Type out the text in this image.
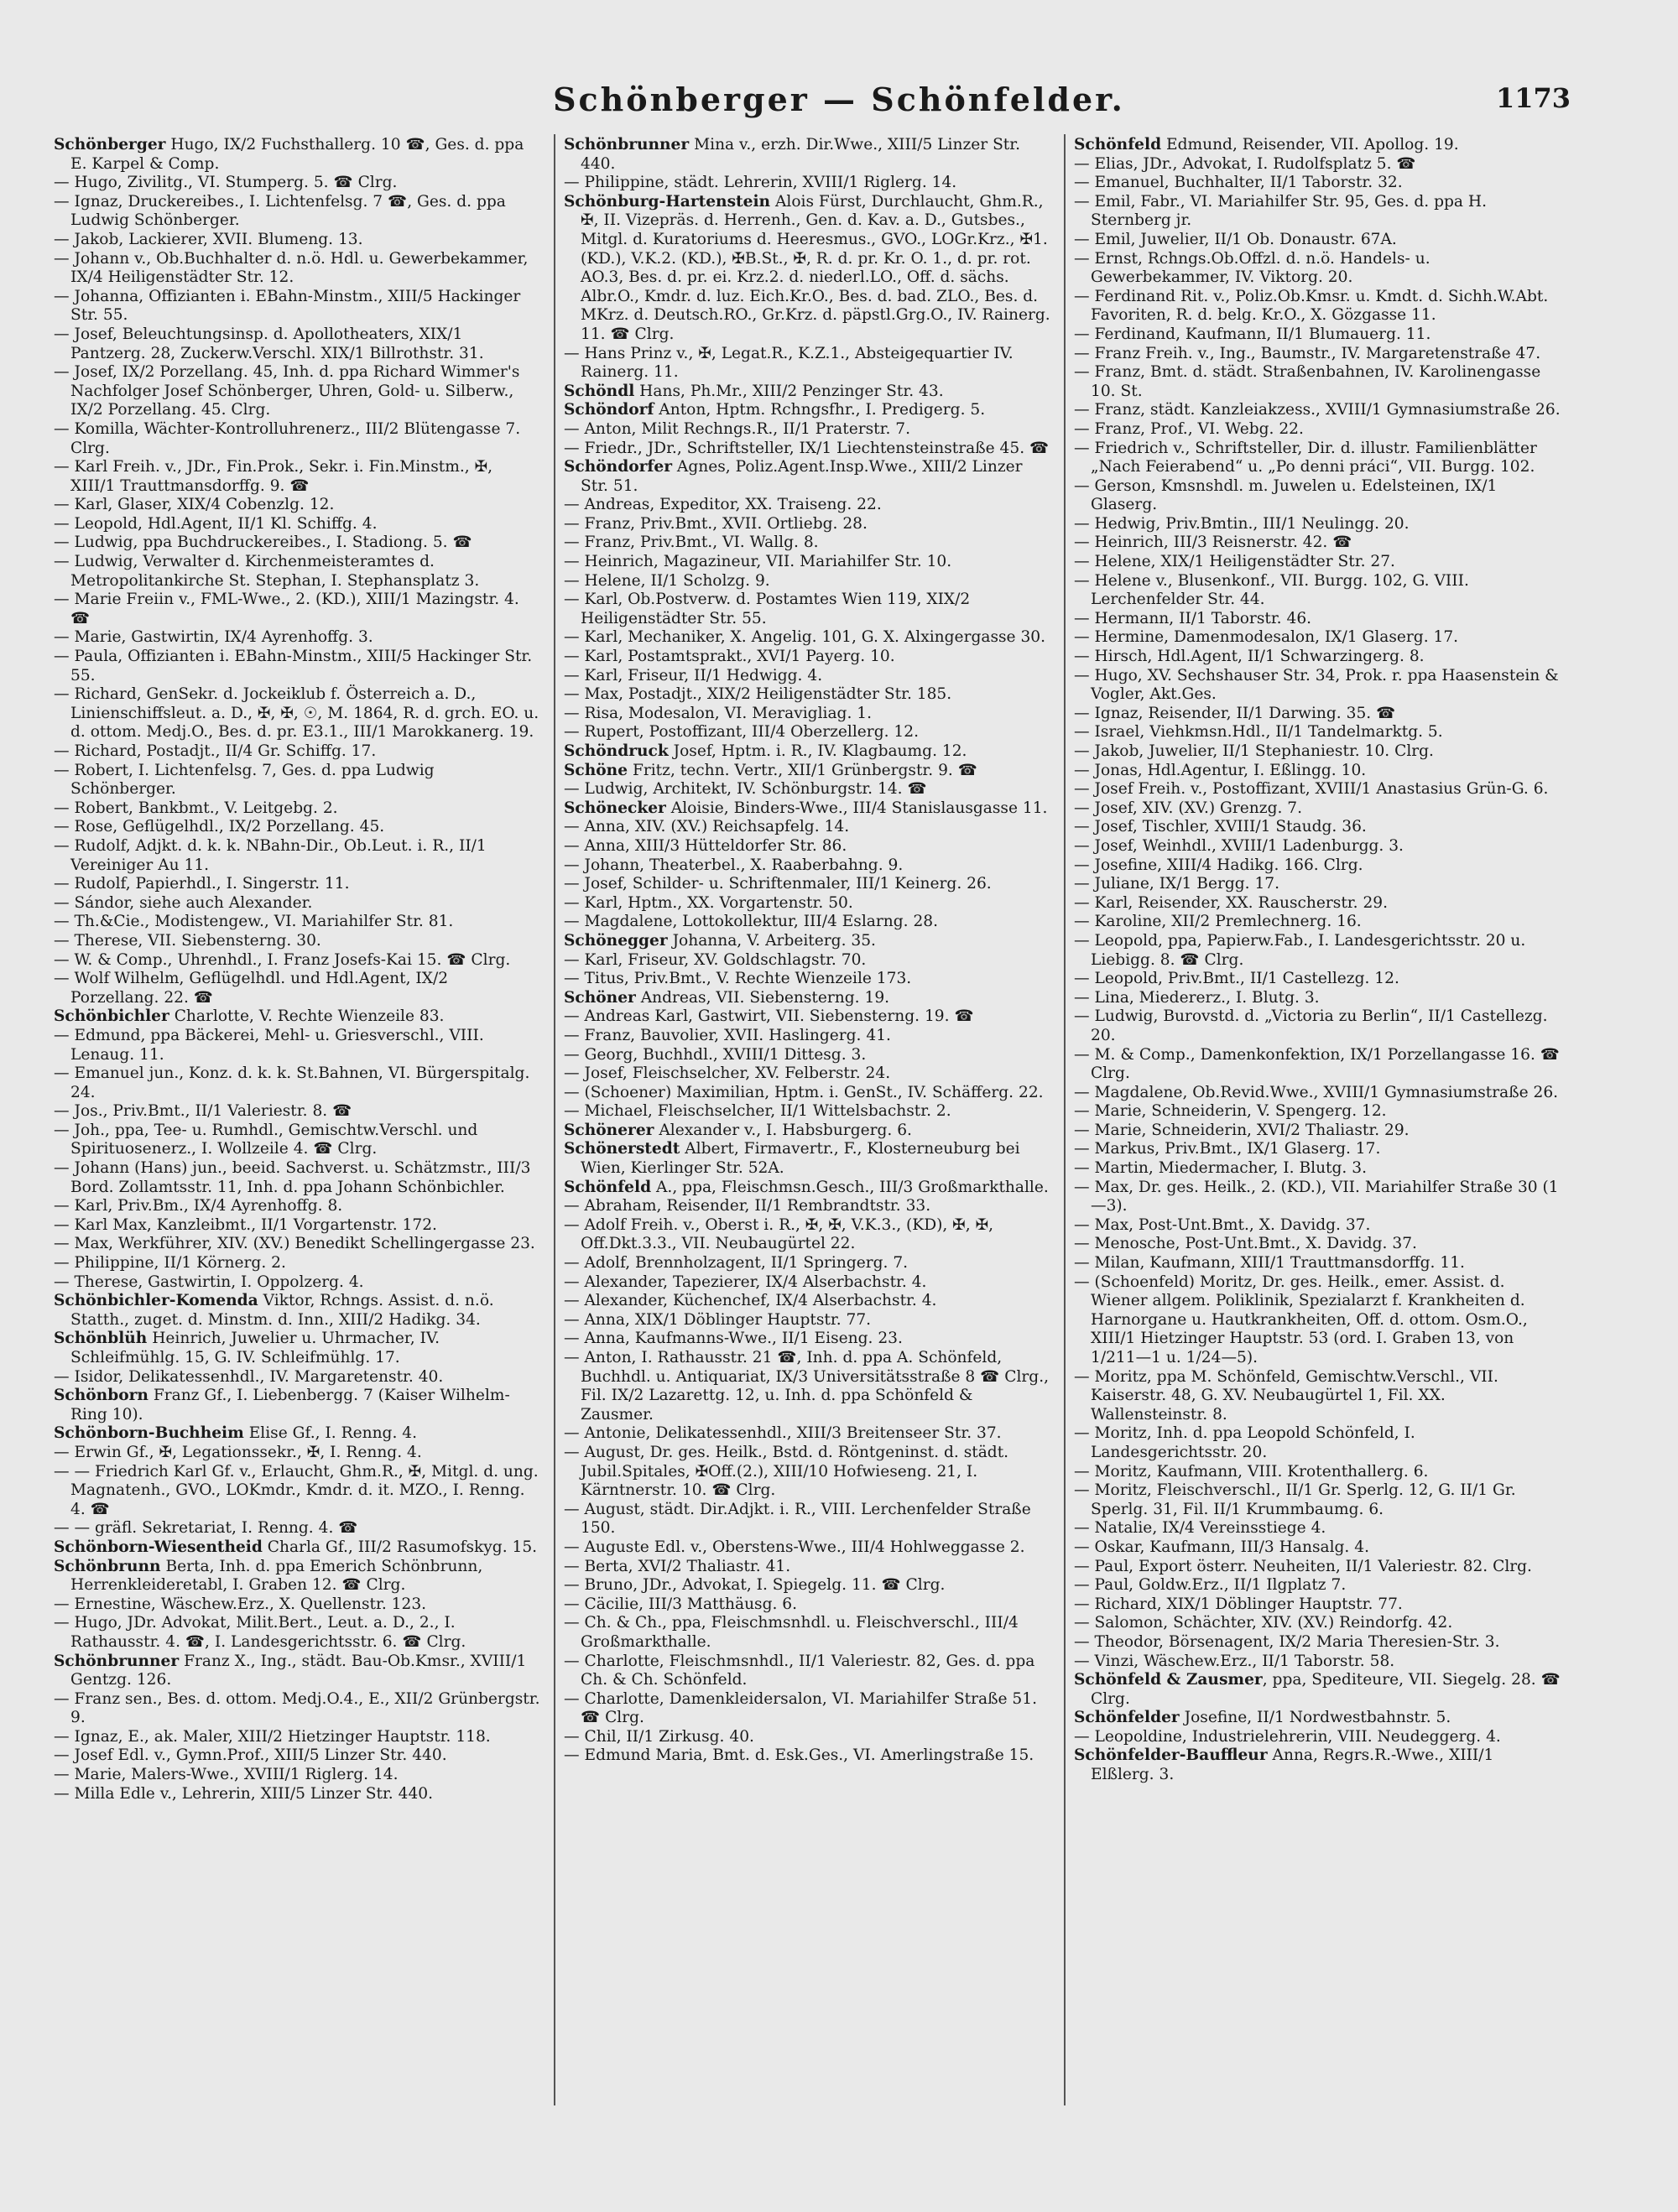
Schönberger — Schönfelder.	1173

Schönberger Hugo, IX/2 Fuchsthallerg. 10 ☎, Ges. d. ppa E. Karpel & Comp.

— Hugo, Zivilitg., VI. Stumperg. 5. ☎ Clrg.

— Ignaz, Druckereibes., I. Lichtenfelsg. 7 ☎, Ges. d. ppa Ludwig Schönberger.

— Jakob, Lackierer, XVII. Blumeng. 13.

— Johann v., Ob.Buchhalter d. n.ö. Hdl. u. Gewerbekammer, IX/4 Heiligenstädter Str. 12.

— Johanna, Offizianten i. EBahn-Minstm., XIII/5 Hackinger Str. 55.

— Josef, Beleuchtungsinsp. d. Apollotheaters, XIX/1 Pantzerg. 28, Zuckerw.Verschl. XIX/1 Billrothstr. 31.

— Josef, IX/2 Porzellang. 45, Inh. d. ppa Richard Wimmer's Nachfolger Josef Schönberger, Uhren, Gold- u. Silberw., IX/2 Porzellang. 45. Clrg.

— Komilla, Wächter-Kontrolluhrenerz., III/2 Blütengasse 7. Clrg.

— Karl Freih. v., JDr., Fin.Prok., Sekr. i. Fin.Minstm., ✠, XIII/1 Trauttmansdorffg. 9. ☎

— Karl, Glaser, XIX/4 Cobenzlg. 12.

— Leopold, Hdl.Agent, II/1 Kl. Schiffg. 4.

— Ludwig, ppa Buchdruckereibes., I. Stadiong. 5. ☎

— Ludwig, Verwalter d. Kirchenmeisteramtes d. Metropolitankirche St. Stephan, I. Stephansplatz 3.

— Marie Freiin v., FML-Wwe., 2. (KD.), XIII/1 Mazingstr. 4. ☎

— Marie, Gastwirtin, IX/4 Ayrenhoffg. 3.

— Paula, Offizianten i. EBahn-Minstm., XIII/5 Hackinger Str. 55.

— Richard, GenSekr. d. Jockeiklub f. Österreich a. D., Linienschiffsleut. a. D., ✠, ✠, ☉, M. 1864, R. d. grch. EO. u. d. ottom. Medj.O., Bes. d. pr. E3.1., III/1 Marokkanerg. 19.

— Richard, Postadjt., II/4 Gr. Schiffg. 17.

— Robert, I. Lichtenfelsg. 7, Ges. d. ppa Ludwig Schönberger.

— Robert, Bankbmt., V. Leitgebg. 2.

— Rose, Geflügelhdl., IX/2 Porzellang. 45.

— Rudolf, Adjkt. d. k. k. NBahn-Dir., Ob.Leut. i. R., II/1 Vereiniger Au 11.

— Rudolf, Papierhdl., I. Singerstr. 11.

— Sándor, siehe auch Alexander.

— Th.&Cie., Modistengew., VI. Mariahilfer Str. 81.

— Therese, VII. Siebensterng. 30.

— W. & Comp., Uhrenhdl., I. Franz Josefs-Kai 15. ☎ Clrg.

— Wolf Wilhelm, Geflügelhdl. und Hdl.Agent, IX/2 Porzellang. 22. ☎

Schönbichler Charlotte, V. Rechte Wienzeile 83.

— Edmund, ppa Bäckerei, Mehl- u. Griesverschl., VIII. Lenaug. 11.

— Emanuel jun., Konz. d. k. k. St.Bahnen, VI. Bürgerspitalg. 24.

— Jos., Priv.Bmt., II/1 Valeriestr. 8. ☎

— Joh., ppa, Tee- u. Rumhdl., Gemischtw.Verschl. und Spirituosenerz., I. Wollzeile 4. ☎ Clrg.

— Johann (Hans) jun., beeid. Sachverst. u. Schätzmstr., III/3 Bord. Zollamtsstr. 11, Inh. d. ppa Johann Schönbichler.

— Karl, Priv.Bm., IX/4 Ayrenhoffg. 8.

— Karl Max, Kanzleibmt., II/1 Vorgartenstr. 172.

— Max, Werkführer, XIV. (XV.) Benedikt Schellingergasse 23.

— Philippine, II/1 Körnerg. 2.

— Therese, Gastwirtin, I. Oppolzerg. 4.

Schönbichler-Komenda Viktor, Rchngs. Assist. d. n.ö. Statth., zuget. d. Minstm. d. Inn., XIII/2 Hadikg. 34.

Schönblüh Heinrich, Juwelier u. Uhrmacher, IV. Schleifmühlg. 15, G. IV. Schleifmühlg. 17.

— Isidor, Delikatessenhdl., IV. Margaretenstr. 40.

Schönborn Franz Gf., I. Liebenbergg. 7 (Kaiser Wilhelm-Ring 10).

Schönborn-Buchheim Elise Gf., I. Renng. 4.

— Erwin Gf., ✠, Legationssekr., ✠, I. Renng. 4.

— — Friedrich Karl Gf. v., Erlaucht, Ghm.R., ✠, Mitgl. d. ung. Magnatenh., GVO., LOKmdr., Kmdr. d. it. MZO., I. Renng. 4. ☎

— — gräfl. Sekretariat, I. Renng. 4. ☎

Schönborn-Wiesentheid Charla Gf., III/2 Rasumofskyg. 15.

Schönbrunn Berta, Inh. d. ppa Emerich Schönbrunn, Herrenkleideretabl, I. Graben 12. ☎ Clrg.

— Ernestine, Wäschew.Erz., X. Quellenstr. 123.

— Hugo, JDr. Advokat, Milit.Bert., Leut. a. D., 2., I. Rathausstr. 4. ☎, I. Landesgerichtsstr. 6. ☎ Clrg.

Schönbrunner Franz X., Ing., städt. Bau-Ob.Kmsr., XVIII/1 Gentzg. 126.

— Franz sen., Bes. d. ottom. Medj.O.4., E., XII/2 Grünbergstr. 9.

— Ignaz, E., ak. Maler, XIII/2 Hietzinger Hauptstr. 118.

— Josef Edl. v., Gymn.Prof., XIII/5 Linzer Str. 440.

— Marie, Malers-Wwe., XVIII/1 Riglerg. 14.

— Milla Edle v., Lehrerin, XIII/5 Linzer Str. 440.

Schönbrunner Mina v., erzh. Dir.Wwe., XIII/5 Linzer Str. 440.

— Philippine, städt. Lehrerin, XVIII/1 Riglerg. 14.

Schönburg-Hartenstein Alois Fürst, Durchlaucht, Ghm.R., ✠, II. Vizepräs. d. Herrenh., Gen. d. Kav. a. D., Gutsbes., Mitgl. d. Kuratoriums d. Heeresmus., GVO., LOGr.Krz., ✠1. (KD.), V.K.2. (KD.), ✠B.St., ✠, R. d. pr. Kr. O. 1., d. pr. rot. AO.3, Bes. d. pr. ei. Krz.2. d. niederl.LO., Off. d. sächs. Albr.O., Kmdr. d. luz. Eich.Kr.O., Bes. d. bad. ZLO., Bes. d. MKrz. d. Deutsch.RO., Gr.Krz. d. päpstl.Grg.O., IV. Rainerg. 11. ☎ Clrg.

— Hans Prinz v., ✠, Legat.R., K.Z.1., Absteigequartier IV. Rainerg. 11.

Schöndl Hans, Ph.Mr., XIII/2 Penzinger Str. 43.

Schöndorf Anton, Hptm. Rchngsfhr., I. Predigerg. 5.

— Anton, Milit Rechngs.R., II/1 Praterstr. 7.

— Friedr., JDr., Schriftsteller, IX/1 Liechtensteinstraße 45. ☎

Schöndorfer Agnes, Poliz.Agent.Insp.Wwe., XIII/2 Linzer Str. 51.

— Andreas, Expeditor, XX. Traiseng. 22.

— Franz, Priv.Bmt., XVII. Ortliebg. 28.

— Franz, Priv.Bmt., VI. Wallg. 8.

— Heinrich, Magazineur, VII. Mariahilfer Str. 10.

— Helene, II/1 Scholzg. 9.

— Karl, Ob.Postverw. d. Postamtes Wien 119, XIX/2 Heiligenstädter Str. 55.

— Karl, Mechaniker, X. Angelig. 101, G. X. Alxingergasse 30.

— Karl, Postamtsprakt., XVI/1 Payerg. 10.

— Karl, Friseur, II/1 Hedwigg. 4.

— Max, Postadjt., XIX/2 Heiligenstädter Str. 185.

— Risa, Modesalon, VI. Meravigliag. 1.

— Rupert, Postoffizant, III/4 Oberzellerg. 12.

Schöndruck Josef, Hptm. i. R., IV. Klagbaumg. 12.

Schöne Fritz, techn. Vertr., XII/1 Grünbergstr. 9. ☎

— Ludwig, Architekt, IV. Schönburgstr. 14. ☎

Schönecker Aloisie, Binders-Wwe., III/4 Stanislausgasse 11.

— Anna, XIV. (XV.) Reichsapfelg. 14.

— Anna, XIII/3 Hütteldorfer Str. 86.

— Johann, Theaterbel., X. Raaberbahng. 9.

— Josef, Schilder- u. Schriftenmaler, III/1 Keinerg. 26.

— Karl, Hptm., XX. Vorgartenstr. 50.

— Magdalene, Lottokollektur, III/4 Eslarng. 28.

Schönegger Johanna, V. Arbeiterg. 35.

— Karl, Friseur, XV. Goldschlagstr. 70.

— Titus, Priv.Bmt., V. Rechte Wienzeile 173.

Schöner Andreas, VII. Siebensterng. 19.

— Andreas Karl, Gastwirt, VII. Siebensterng. 19. ☎

— Franz, Bauvolier, XVII. Haslingerg. 41.

— Georg, Buchhdl., XVIII/1 Dittesg. 3.

— Josef, Fleischselcher, XV. Felberstr. 24.

— (Schoener) Maximilian, Hptm. i. GenSt., IV. Schäfferg. 22.

— Michael, Fleischselcher, II/1 Wittelsbachstr. 2.

Schönerer Alexander v., I. Habsburgerg. 6.

Schönerstedt Albert, Firmavertr., F., Klosterneuburg bei Wien, Kierlinger Str. 52A.

Schönfeld A., ppa, Fleischmsn.Gesch., III/3 Großmarkthalle.

— Abraham, Reisender, II/1 Rembrandtstr. 33.

— Adolf Freih. v., Oberst i. R., ✠, ✠, V.K.3., (KD), ✠, ✠, Off.Dkt.3.3., VII. Neubaugürtel 22.

— Adolf, Brennholzagent, II/1 Springerg. 7.

— Alexander, Tapezierer, IX/4 Alserbachstr. 4.

— Alexander, Küchenchef, IX/4 Alserbachstr. 4.

— Anna, XIX/1 Döblinger Hauptstr. 77.

— Anna, Kaufmanns-Wwe., II/1 Eiseng. 23.

— Anton, I. Rathausstr. 21 ☎, Inh. d. ppa A. Schönfeld, Buchhdl. u. Antiquariat, IX/3 Universitätsstraße 8 ☎ Clrg., Fil. IX/2 Lazarettg. 12, u. Inh. d. ppa Schönfeld & Zausmer.

— Antonie, Delikatessenhdl., XIII/3 Breitenseer Str. 37.

— August, Dr. ges. Heilk., Bstd. d. Röntgeninst. d. städt. Jubil.Spitales, ✠Off.(2.), XIII/10 Hofwieseng. 21, I. Kärntnerstr. 10. ☎ Clrg.

— August, städt. Dir.Adjkt. i. R., VIII. Lerchenfelder Straße 150.

— Auguste Edl. v., Oberstens-Wwe., III/4 Hohlweggasse 2.

— Berta, XVI/2 Thaliastr. 41.

— Bruno, JDr., Advokat, I. Spiegelg. 11. ☎ Clrg.

— Cäcilie, III/3 Matthäusg. 6.

— Ch. & Ch., ppa, Fleischmsnhdl. u. Fleischverschl., III/4 Großmarkthalle.

— Charlotte, Fleischmsnhdl., II/1 Valeriestr. 82, Ges. d. ppa Ch. & Ch. Schönfeld.

— Charlotte, Damenkleidersalon, VI. Mariahilfer Straße 51. ☎ Clrg.

— Chil, II/1 Zirkusg. 40.

— Edmund Maria, Bmt. d. Esk.Ges., VI. Amerlingstraße 15.

Schönfeld Edmund, Reisender, VII. Apollog. 19.

— Elias, JDr., Advokat, I. Rudolfsplatz 5. ☎

— Emanuel, Buchhalter, II/1 Taborstr. 32.

— Emil, Fabr., VI. Mariahilfer Str. 95, Ges. d. ppa H. Sternberg jr.

— Emil, Juwelier, II/1 Ob. Donaustr. 67A.

— Ernst, Rchngs.Ob.Offzl. d. n.ö. Handels- u. Gewerbekammer, IV. Viktorg. 20.

— Ferdinand Rit. v., Poliz.Ob.Kmsr. u. Kmdt. d. Sichh.W.Abt. Favoriten, R. d. belg. Kr.O., X. Gözgasse 11.

— Ferdinand, Kaufmann, II/1 Blumauerg. 11.

— Franz Freih. v., Ing., Baumstr., IV. Margaretenstraße 47.

— Franz, Bmt. d. städt. Straßenbahnen, IV. Karolinengasse 10. St.

— Franz, städt. Kanzleiakzess., XVIII/1 Gymnasiumstraße 26.

— Franz, Prof., VI. Webg. 22.

— Friedrich v., Schriftsteller, Dir. d. illustr. Familienblätter „Nach Feierabend“ u. „Po denni práci“, VII. Burgg. 102.

— Gerson, Kmsnshdl. m. Juwelen u. Edelsteinen, IX/1 Glaserg.

— Hedwig, Priv.Bmtin., III/1 Neulingg. 20.

— Heinrich, III/3 Reisnerstr. 42. ☎

— Helene, XIX/1 Heiligenstädter Str. 27.

— Helene v., Blusenkonf., VII. Burgg. 102, G. VIII. Lerchenfelder Str. 44.

— Hermann, II/1 Taborstr. 46.

— Hermine, Damenmodesalon, IX/1 Glaserg. 17.

— Hirsch, Hdl.Agent, II/1 Schwarzingerg. 8.

— Hugo, XV. Sechshauser Str. 34, Prok. r. ppa Haasenstein & Vogler, Akt.Ges.

— Ignaz, Reisender, II/1 Darwing. 35. ☎

— Israel, Viehkmsn.Hdl., II/1 Tandelmarktg. 5.

— Jakob, Juwelier, II/1 Stephaniestr. 10. Clrg.

— Jonas, Hdl.Agentur, I. Eßlingg. 10.

— Josef Freih. v., Postoffizant, XVIII/1 Anastasius Grün-G. 6.

— Josef, XIV. (XV.) Grenzg. 7.

— Josef, Tischler, XVIII/1 Staudg. 36.

— Josef, Weinhdl., XVIII/1 Ladenburgg. 3.

— Josefine, XIII/4 Hadikg. 166. Clrg.

— Juliane, IX/1 Bergg. 17.

— Karl, Reisender, XX. Rauscherstr. 29.

— Karoline, XII/2 Premlechnerg. 16.

— Leopold, ppa, Papierw.Fab., I. Landesgerichtsstr. 20 u. Liebigg. 8. ☎ Clrg.

— Leopold, Priv.Bmt., II/1 Castellezg. 12.

— Lina, Miedererz., I. Blutg. 3.

— Ludwig, Burovstd. d. „Victoria zu Berlin“, II/1 Castellezg. 20.

— M. & Comp., Damenkonfektion, IX/1 Porzellangasse 16. ☎ Clrg.

— Magdalene, Ob.Revid.Wwe., XVIII/1 Gymnasiumstraße 26.

— Marie, Schneiderin, V. Spengerg. 12.

— Marie, Schneiderin, XVI/2 Thaliastr. 29.

— Markus, Priv.Bmt., IX/1 Glaserg. 17.

— Martin, Miedermacher, I. Blutg. 3.

— Max, Dr. ges. Heilk., 2. (KD.), VII. Mariahilfer Straße 30 (1—3).

— Max, Post-Unt.Bmt., X. Davidg. 37.

— Menosche, Post-Unt.Bmt., X. Davidg. 37.

— Milan, Kaufmann, XIII/1 Trauttmansdorffg. 11.

— (Schoenfeld) Moritz, Dr. ges. Heilk., emer. Assist. d. Wiener allgem. Poliklinik, Spezialarzt f. Krankheiten d. Harnorgane u. Hautkrankheiten, Off. d. ottom. Osm.O., XIII/1 Hietzinger Hauptstr. 53 (ord. I. Graben 13, von 1/211—1 u. 1/24—5).

— Moritz, ppa M. Schönfeld, Gemischtw.Verschl., VII. Kaiserstr. 48, G. XV. Neubaugürtel 1, Fil. XX. Wallensteinstr. 8.

— Moritz, Inh. d. ppa Leopold Schönfeld, I. Landesgerichtsstr. 20.

— Moritz, Kaufmann, VIII. Krotenthallerg. 6.

— Moritz, Fleischverschl., II/1 Gr. Sperlg. 12, G. II/1 Gr. Sperlg. 31, Fil. II/1 Krummbaumg. 6.

— Natalie, IX/4 Vereinsstiege 4.

— Oskar, Kaufmann, III/3 Hansalg. 4.

— Paul, Export österr. Neuheiten, II/1 Valeriestr. 82. Clrg.

— Paul, Goldw.Erz., II/1 Ilgplatz 7.

— Richard, XIX/1 Döblinger Hauptstr. 77.

— Salomon, Schächter, XIV. (XV.) Reindorfg. 42.

— Theodor, Börsenagent, IX/2 Maria Theresien-Str. 3.

— Vinzi, Wäschew.Erz., II/1 Taborstr. 58.

Schönfeld & Zausmer, ppa, Spediteure, VII. Siegelg. 28. ☎ Clrg.

Schönfelder Josefine, II/1 Nordwestbahnstr. 5.

— Leopoldine, Industrielehrerin, VIII. Neudeggerg. 4.

Schönfelder-Bauffleur Anna, Regrs.R.-Wwe., XIII/1 Elßlerg. 3.
